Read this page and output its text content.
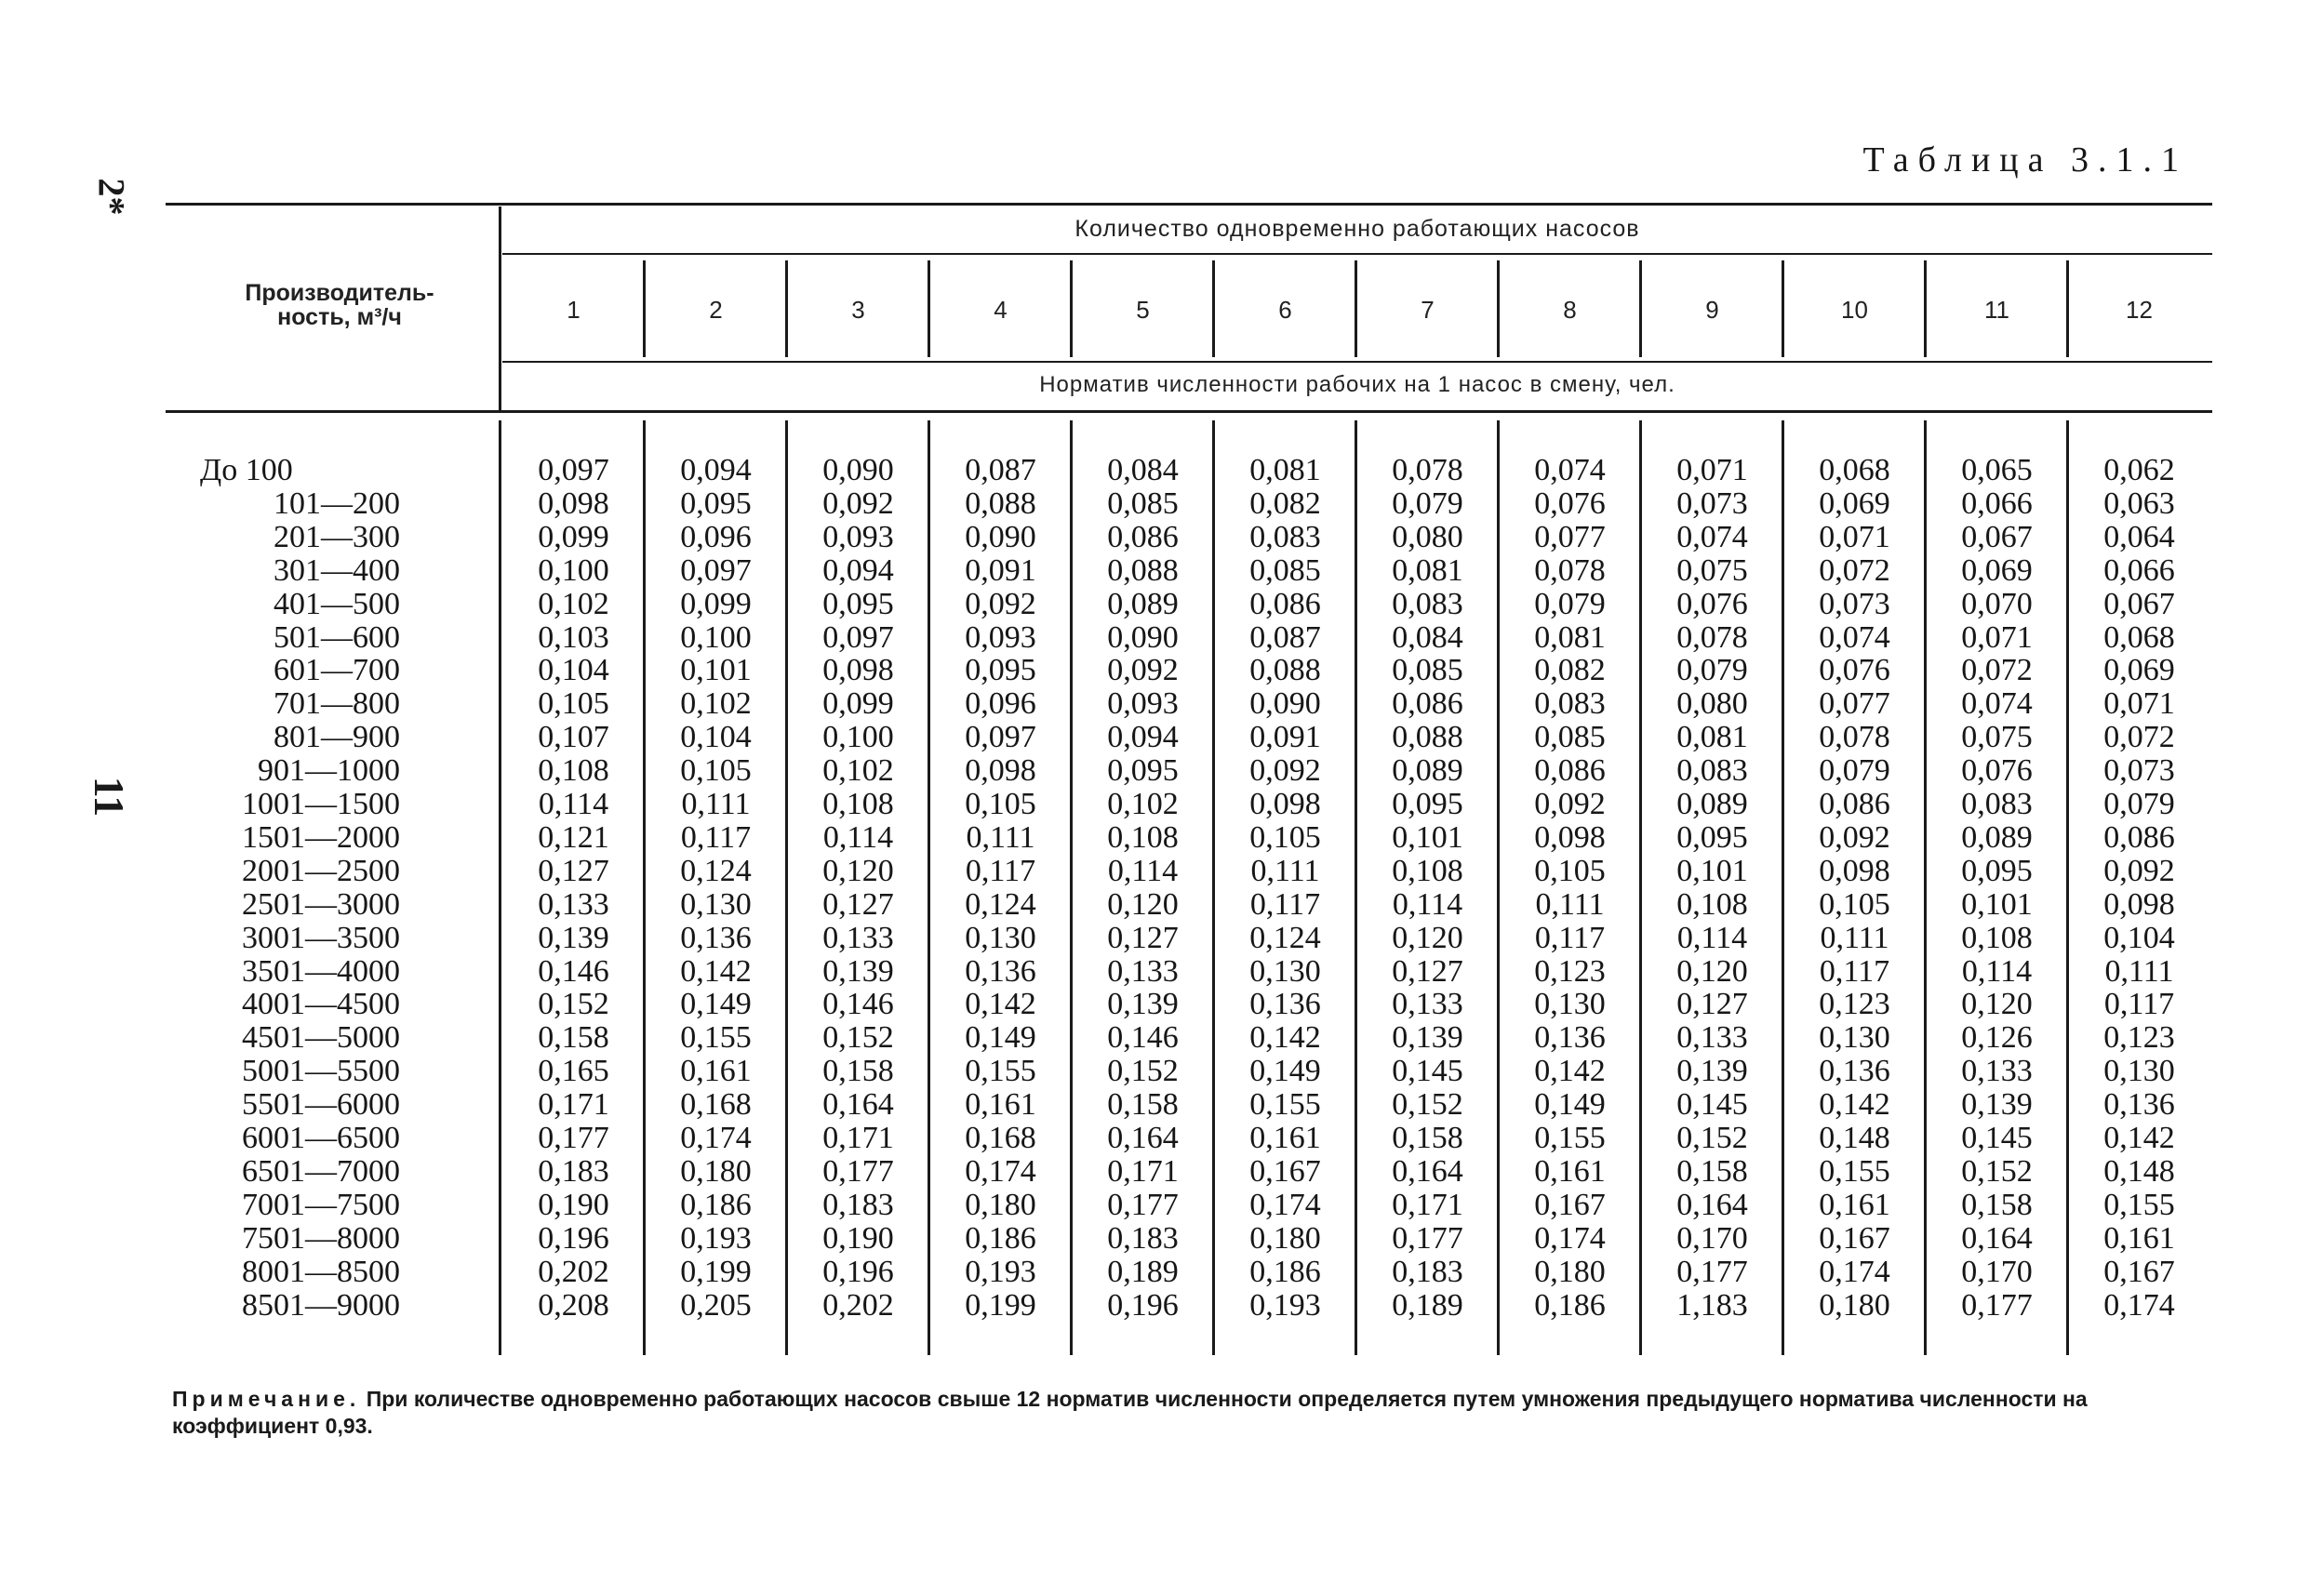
2*
11
Таблица 3.1.1
Производитель-
ность, м³/ч
Количество одновременно работающих насосов
Норматив численности рабочих на 1 насос в смену, чел.
1	2	3	4	5	6	7	8	9	10	11	12
До 100	0,097	0,094	0,090	0,087	0,084	0,081	0,078	0,074	0,071	0,068	0,065	0,062
101—200	0,098	0,095	0,092	0,088	0,085	0,082	0,079	0,076	0,073	0,069	0,066	0,063
201—300	0,099	0,096	0,093	0,090	0,086	0,083	0,080	0,077	0,074	0,071	0,067	0,064
301—400	0,100	0,097	0,094	0,091	0,088	0,085	0,081	0,078	0,075	0,072	0,069	0,066
401—500	0,102	0,099	0,095	0,092	0,089	0,086	0,083	0,079	0,076	0,073	0,070	0,067
501—600	0,103	0,100	0,097	0,093	0,090	0,087	0,084	0,081	0,078	0,074	0,071	0,068
601—700	0,104	0,101	0,098	0,095	0,092	0,088	0,085	0,082	0,079	0,076	0,072	0,069
701—800	0,105	0,102	0,099	0,096	0,093	0,090	0,086	0,083	0,080	0,077	0,074	0,071
801—900	0,107	0,104	0,100	0,097	0,094	0,091	0,088	0,085	0,081	0,078	0,075	0,072
901—1000	0,108	0,105	0,102	0,098	0,095	0,092	0,089	0,086	0,083	0,079	0,076	0,073
1001—1500	0,114	0,111	0,108	0,105	0,102	0,098	0,095	0,092	0,089	0,086	0,083	0,079
1501—2000	0,121	0,117	0,114	0,111	0,108	0,105	0,101	0,098	0,095	0,092	0,089	0,086
2001—2500	0,127	0,124	0,120	0,117	0,114	0,111	0,108	0,105	0,101	0,098	0,095	0,092
2501—3000	0,133	0,130	0,127	0,124	0,120	0,117	0,114	0,111	0,108	0,105	0,101	0,098
3001—3500	0,139	0,136	0,133	0,130	0,127	0,124	0,120	0,117	0,114	0,111	0,108	0,104
3501—4000	0,146	0,142	0,139	0,136	0,133	0,130	0,127	0,123	0,120	0,117	0,114	0,111
4001—4500	0,152	0,149	0,146	0,142	0,139	0,136	0,133	0,130	0,127	0,123	0,120	0,117
4501—5000	0,158	0,155	0,152	0,149	0,146	0,142	0,139	0,136	0,133	0,130	0,126	0,123
5001—5500	0,165	0,161	0,158	0,155	0,152	0,149	0,145	0,142	0,139	0,136	0,133	0,130
5501—6000	0,171	0,168	0,164	0,161	0,158	0,155	0,152	0,149	0,145	0,142	0,139	0,136
6001—6500	0,177	0,174	0,171	0,168	0,164	0,161	0,158	0,155	0,152	0,148	0,145	0,142
6501—7000	0,183	0,180	0,177	0,174	0,171	0,167	0,164	0,161	0,158	0,155	0,152	0,148
7001—7500	0,190	0,186	0,183	0,180	0,177	0,174	0,171	0,167	0,164	0,161	0,158	0,155
7501—8000	0,196	0,193	0,190	0,186	0,183	0,180	0,177	0,174	0,170	0,167	0,164	0,161
8001—8500	0,202	0,199	0,196	0,193	0,189	0,186	0,183	0,180	0,177	0,174	0,170	0,167
8501—9000	0,208	0,205	0,202	0,199	0,196	0,193	0,189	0,186	1,183	0,180	0,177	0,174
Примечание. При количестве одновременно работающих насосов свыше 12 норматив численности определяется путем умножения предыдущего норматива численности на коэффициент 0,93.
